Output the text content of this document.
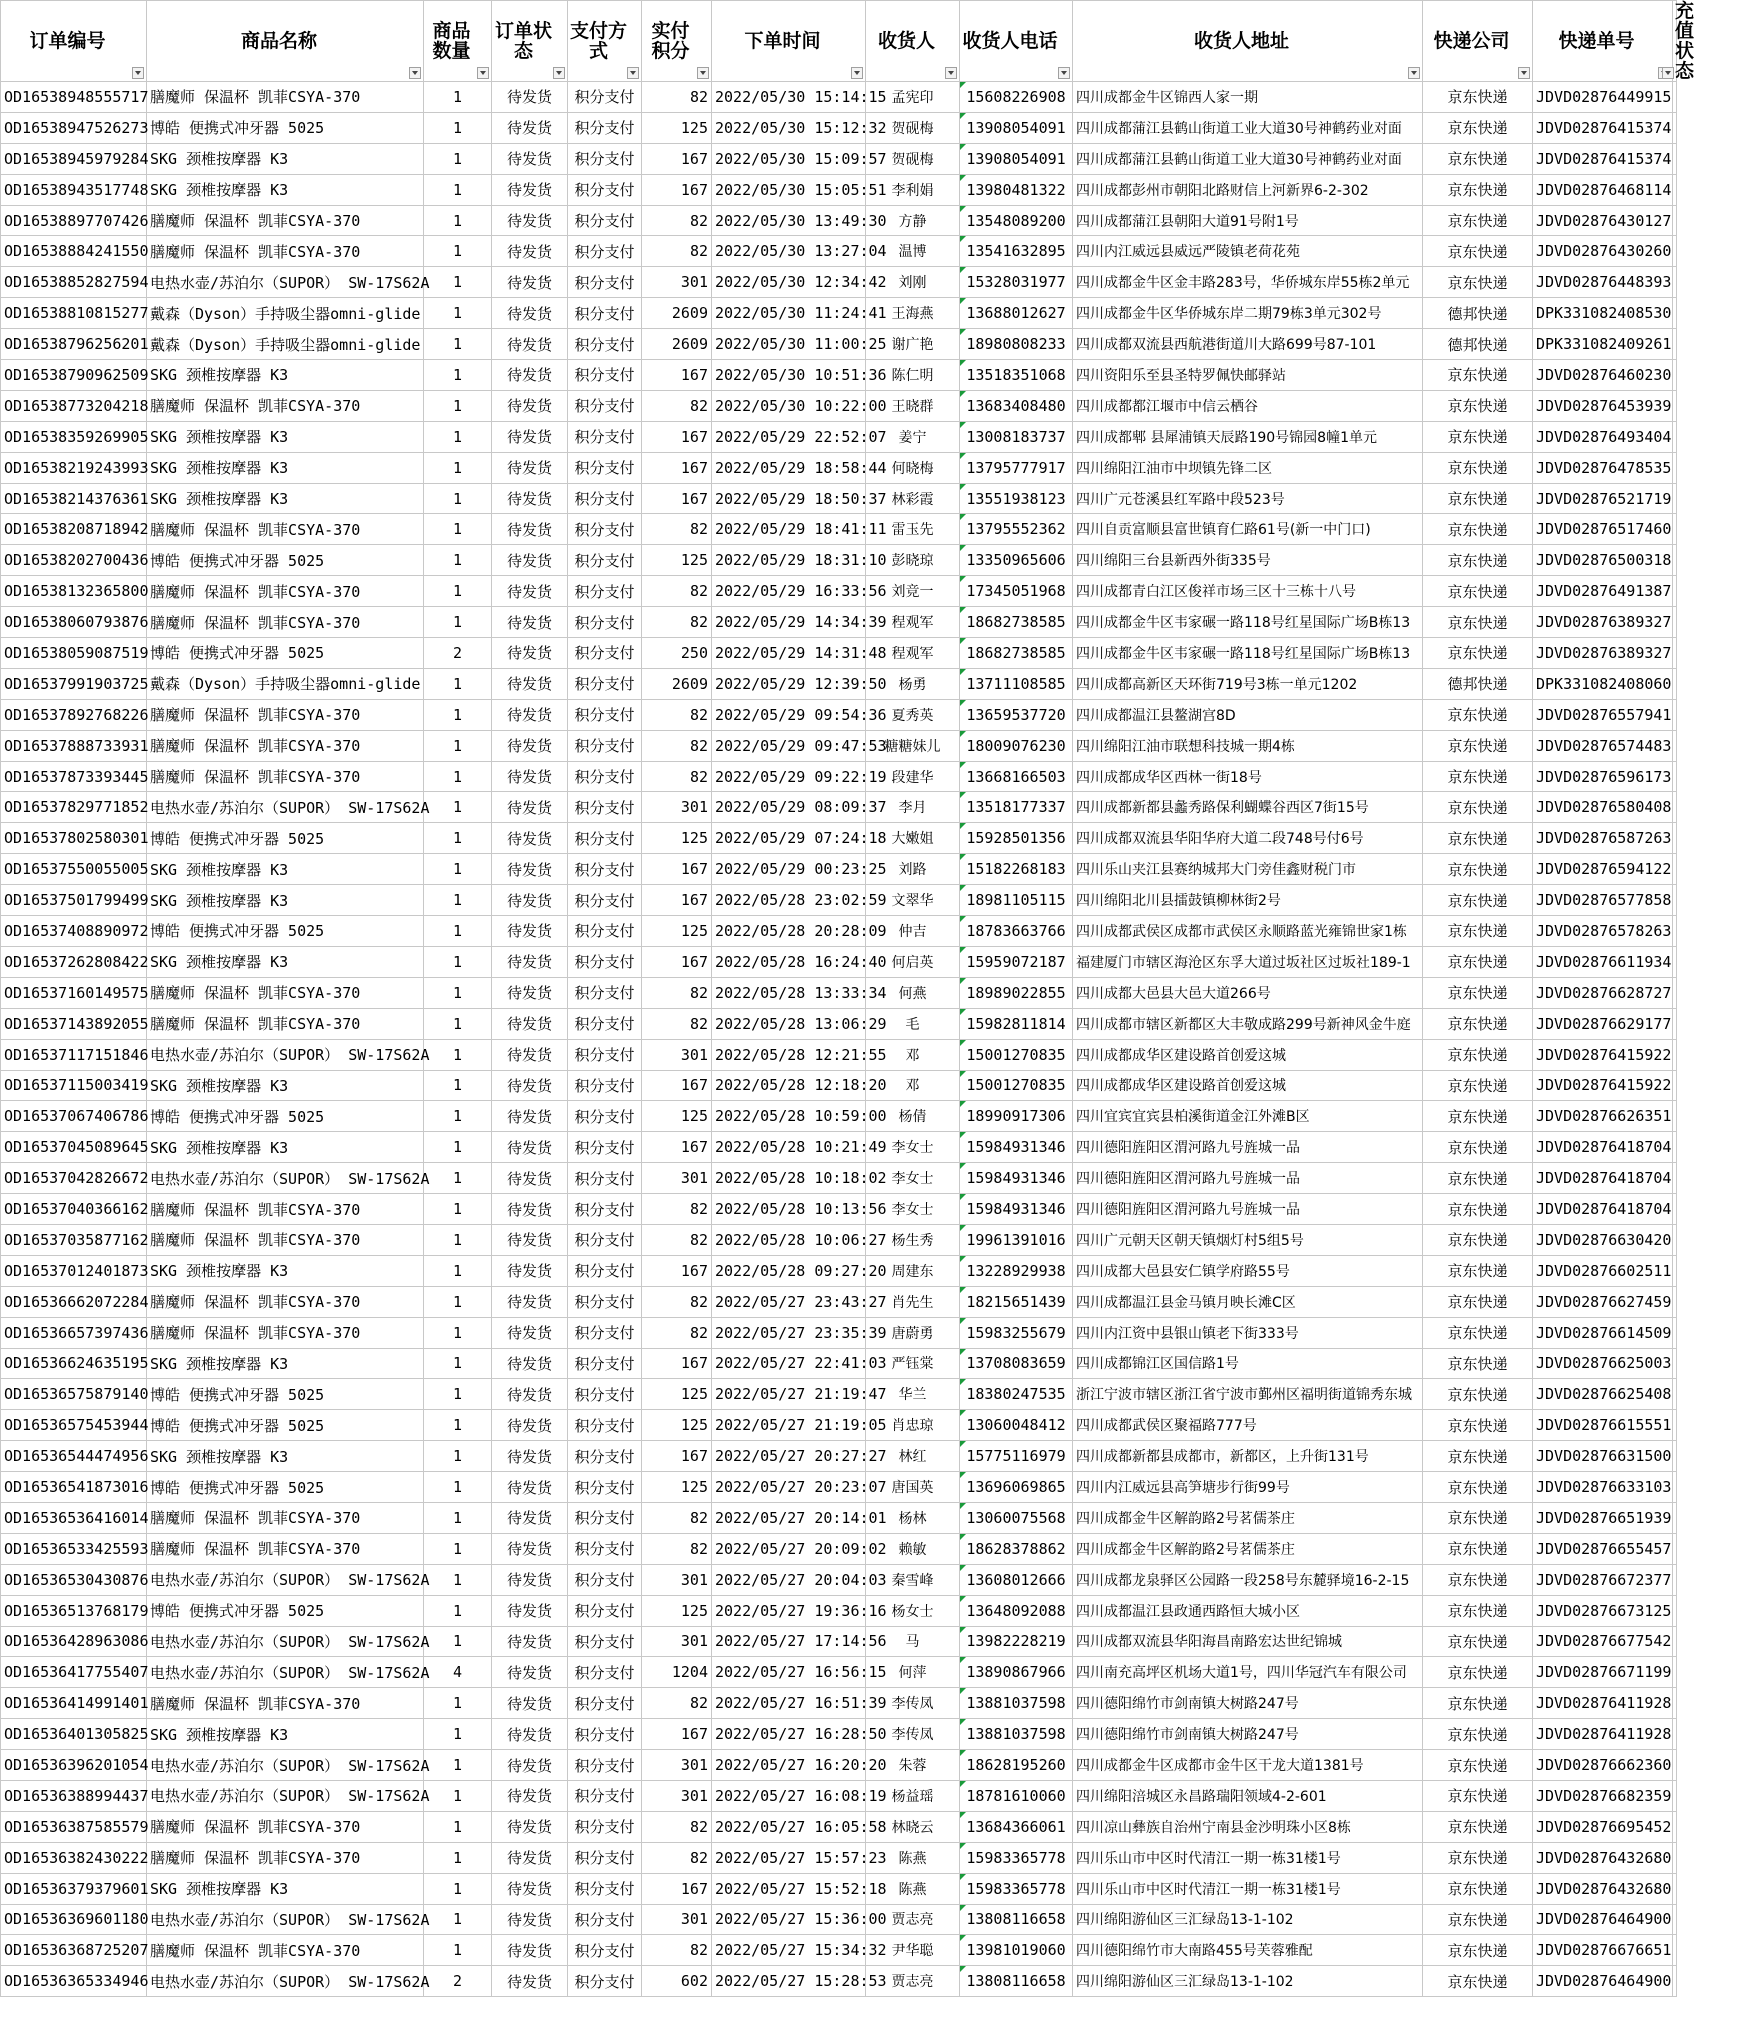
订单编号	商品名称	商品数量	订单状态	支付方式	实付积分	下单时间	收货人	收货人电话	收货人地址	快递公司	快递单号	充值状态

OD16538948555717	膳魔师 保温杯 凯菲CSYA-370	1	待发货	积分支付	82	2022/05/30 15:14:15	孟宪印	15608226908	四川成都金牛区锦西人家一期	京东快递	JDVD02876449915	
OD16538947526273	博皓 便携式冲牙器 5025	1	待发货	积分支付	125	2022/05/30 15:12:32	贺砚梅	13908054091	四川成都蒲江县鹤山街道工业大道30号神鹤药业对面	京东快递	JDVD02876415374	
OD16538945979284	SKG 颈椎按摩器 K3	1	待发货	积分支付	167	2022/05/30 15:09:57	贺砚梅	13908054091	四川成都蒲江县鹤山街道工业大道30号神鹤药业对面	京东快递	JDVD02876415374	
OD16538943517748	SKG 颈椎按摩器 K3	1	待发货	积分支付	167	2022/05/30 15:05:51	李利娟	13980481322	四川成都彭州市朝阳北路财信上河新界6-2-302	京东快递	JDVD02876468114	
OD16538897707426	膳魔师 保温杯 凯菲CSYA-370	1	待发货	积分支付	82	2022/05/30 13:49:30	方静	13548089200	四川成都蒲江县朝阳大道91号附1号	京东快递	JDVD02876430127	
OD16538884241550	膳魔师 保温杯 凯菲CSYA-370	1	待发货	积分支付	82	2022/05/30 13:27:04	温博	13541632895	四川内江威远县威远严陵镇老荷花苑	京东快递	JDVD02876430260	
OD16538852827594	电热水壶/苏泊尔（SUPOR） SW-17S62A	1	待发货	积分支付	301	2022/05/30 12:34:42	刘刚	15328031977	四川成都金牛区金丰路283号，华侨城东岸55栋2单元	京东快递	JDVD02876448393	
OD16538810815277	戴森（Dyson）手持吸尘器omni-glide	1	待发货	积分支付	2609	2022/05/30 11:24:41	王海燕	13688012627	四川成都金牛区华侨城东岸二期79栋3单元302号	德邦快递	DPK331082408530	
OD16538796256201	戴森（Dyson）手持吸尘器omni-glide	1	待发货	积分支付	2609	2022/05/30 11:00:25	谢广艳	18980808233	四川成都双流县西航港街道川大路699号87-101	德邦快递	DPK331082409261	
OD16538790962509	SKG 颈椎按摩器 K3	1	待发货	积分支付	167	2022/05/30 10:51:36	陈仁明	13518351068	四川资阳乐至县圣特罗佩快邮驿站	京东快递	JDVD02876460230	
OD16538773204218	膳魔师 保温杯 凯菲CSYA-370	1	待发货	积分支付	82	2022/05/30 10:22:00	王晓群	13683408480	四川成都都江堰市中信云栖谷	京东快递	JDVD02876453939	
OD16538359269905	SKG 颈椎按摩器 K3	1	待发货	积分支付	167	2022/05/29 22:52:07	姜宁	13008183737	四川成都郫 县犀浦镇天辰路190号锦园8幢1单元	京东快递	JDVD02876493404	
OD16538219243993	SKG 颈椎按摩器 K3	1	待发货	积分支付	167	2022/05/29 18:58:44	何晓梅	13795777917	四川绵阳江油市中坝镇先锋二区	京东快递	JDVD02876478535	
OD16538214376361	SKG 颈椎按摩器 K3	1	待发货	积分支付	167	2022/05/29 18:50:37	林彩霞	13551938123	四川广元苍溪县红军路中段523号	京东快递	JDVD02876521719	
OD16538208718942	膳魔师 保温杯 凯菲CSYA-370	1	待发货	积分支付	82	2022/05/29 18:41:11	雷玉先	13795552362	四川自贡富顺县富世镇育仁路61号(新一中门口)	京东快递	JDVD02876517460	
OD16538202700436	博皓 便携式冲牙器 5025	1	待发货	积分支付	125	2022/05/29 18:31:10	彭晓琼	13350965606	四川绵阳三台县新西外街335号	京东快递	JDVD02876500318	
OD16538132365800	膳魔师 保温杯 凯菲CSYA-370	1	待发货	积分支付	82	2022/05/29 16:33:56	刘竞一	17345051968	四川成都青白江区俊祥市场三区十三栋十八号	京东快递	JDVD02876491387	
OD16538060793876	膳魔师 保温杯 凯菲CSYA-370	1	待发货	积分支付	82	2022/05/29 14:34:39	程观军	18682738585	四川成都金牛区韦家碾一路118号红星国际广场B栋13	京东快递	JDVD02876389327	
OD16538059087519	博皓 便携式冲牙器 5025	2	待发货	积分支付	250	2022/05/29 14:31:48	程观军	18682738585	四川成都金牛区韦家碾一路118号红星国际广场B栋13	京东快递	JDVD02876389327	
OD16537991903725	戴森（Dyson）手持吸尘器omni-glide	1	待发货	积分支付	2609	2022/05/29 12:39:50	杨勇	13711108585	四川成都高新区天环街719号3栋一单元1202	德邦快递	DPK331082408060	
OD16537892768226	膳魔师 保温杯 凯菲CSYA-370	1	待发货	积分支付	82	2022/05/29 09:54:36	夏秀英	13659537720	四川成都温江县鳌湖宫8D	京东快递	JDVD02876557941	
OD16537888733931	膳魔师 保温杯 凯菲CSYA-370	1	待发货	积分支付	82	2022/05/29 09:47:53	糖糖妹儿	18009076230	四川绵阳江油市联想科技城一期4栋	京东快递	JDVD02876574483	
OD16537873393445	膳魔师 保温杯 凯菲CSYA-370	1	待发货	积分支付	82	2022/05/29 09:22:19	段建华	13668166503	四川成都成华区西林一街18号	京东快递	JDVD02876596173	
OD16537829771852	电热水壶/苏泊尔（SUPOR） SW-17S62A	1	待发货	积分支付	301	2022/05/29 08:09:37	李月	13518177337	四川成都新都县蠡秀路保利蝴蝶谷西区7街15号	京东快递	JDVD02876580408	
OD16537802580301	博皓 便携式冲牙器 5025	1	待发货	积分支付	125	2022/05/29 07:24:18	大嫩姐	15928501356	四川成都双流县华阳华府大道二段748号付6号	京东快递	JDVD02876587263	
OD16537550055005	SKG 颈椎按摩器 K3	1	待发货	积分支付	167	2022/05/29 00:23:25	刘路	15182268183	四川乐山夹江县赛纳城邦大门旁佳鑫财税门市	京东快递	JDVD02876594122	
OD16537501799499	SKG 颈椎按摩器 K3	1	待发货	积分支付	167	2022/05/28 23:02:59	文翠华	18981105115	四川绵阳北川县擂鼓镇柳林街2号	京东快递	JDVD02876577858	
OD16537408890972	博皓 便携式冲牙器 5025	1	待发货	积分支付	125	2022/05/28 20:28:09	仲吉	18783663766	四川成都武侯区成都市武侯区永顺路蓝光雍锦世家1栋	京东快递	JDVD02876578263	
OD16537262808422	SKG 颈椎按摩器 K3	1	待发货	积分支付	167	2022/05/28 16:24:40	何启英	15959072187	福建厦门市辖区海沧区东孚大道过坂社区过坂社189-1	京东快递	JDVD02876611934	
OD16537160149575	膳魔师 保温杯 凯菲CSYA-370	1	待发货	积分支付	82	2022/05/28 13:33:34	何燕	18989022855	四川成都大邑县大邑大道266号	京东快递	JDVD02876628727	
OD16537143892055	膳魔师 保温杯 凯菲CSYA-370	1	待发货	积分支付	82	2022/05/28 13:06:29	毛	15982811814	四川成都市辖区新都区大丰敬成路299号新神风金牛庭	京东快递	JDVD02876629177	
OD16537117151846	电热水壶/苏泊尔（SUPOR） SW-17S62A	1	待发货	积分支付	301	2022/05/28 12:21:55	邓	15001270835	四川成都成华区建设路首创爱这城	京东快递	JDVD02876415922	
OD16537115003419	SKG 颈椎按摩器 K3	1	待发货	积分支付	167	2022/05/28 12:18:20	邓	15001270835	四川成都成华区建设路首创爱这城	京东快递	JDVD02876415922	
OD16537067406786	博皓 便携式冲牙器 5025	1	待发货	积分支付	125	2022/05/28 10:59:00	杨倩	18990917306	四川宜宾宜宾县柏溪街道金江外滩B区	京东快递	JDVD02876626351	
OD16537045089645	SKG 颈椎按摩器 K3	1	待发货	积分支付	167	2022/05/28 10:21:49	李女士	15984931346	四川德阳旌阳区渭河路九号旌城一品	京东快递	JDVD02876418704	
OD16537042826672	电热水壶/苏泊尔（SUPOR） SW-17S62A	1	待发货	积分支付	301	2022/05/28 10:18:02	李女士	15984931346	四川德阳旌阳区渭河路九号旌城一品	京东快递	JDVD02876418704	
OD16537040366162	膳魔师 保温杯 凯菲CSYA-370	1	待发货	积分支付	82	2022/05/28 10:13:56	李女士	15984931346	四川德阳旌阳区渭河路九号旌城一品	京东快递	JDVD02876418704	
OD16537035877162	膳魔师 保温杯 凯菲CSYA-370	1	待发货	积分支付	82	2022/05/28 10:06:27	杨生秀	19961391016	四川广元朝天区朝天镇烟灯村5组5号	京东快递	JDVD02876630420	
OD16537012401873	SKG 颈椎按摩器 K3	1	待发货	积分支付	167	2022/05/28 09:27:20	周建东	13228929938	四川成都大邑县安仁镇学府路55号	京东快递	JDVD02876602511	
OD16536662072284	膳魔师 保温杯 凯菲CSYA-370	1	待发货	积分支付	82	2022/05/27 23:43:27	肖先生	18215651439	四川成都温江县金马镇月映长滩C区	京东快递	JDVD02876627459	
OD16536657397436	膳魔师 保温杯 凯菲CSYA-370	1	待发货	积分支付	82	2022/05/27 23:35:39	唐蔚勇	15983255679	四川内江资中县银山镇老下街333号	京东快递	JDVD02876614509	
OD16536624635195	SKG 颈椎按摩器 K3	1	待发货	积分支付	167	2022/05/27 22:41:03	严钰棠	13708083659	四川成都锦江区国信路1号	京东快递	JDVD02876625003	
OD16536575879140	博皓 便携式冲牙器 5025	1	待发货	积分支付	125	2022/05/27 21:19:47	华兰	18380247535	浙江宁波市辖区浙江省宁波市鄞州区福明街道锦秀东城	京东快递	JDVD02876625408	
OD16536575453944	博皓 便携式冲牙器 5025	1	待发货	积分支付	125	2022/05/27 21:19:05	肖忠琼	13060048412	四川成都武侯区聚福路777号	京东快递	JDVD02876615551	
OD16536544474956	SKG 颈椎按摩器 K3	1	待发货	积分支付	167	2022/05/27 20:27:27	林红	15775116979	四川成都新都县成都市，新都区，上升街131号	京东快递	JDVD02876631500	
OD16536541873016	博皓 便携式冲牙器 5025	1	待发货	积分支付	125	2022/05/27 20:23:07	唐国英	13696069865	四川内江威远县高笋塘步行街99号	京东快递	JDVD02876633103	
OD16536536416014	膳魔师 保温杯 凯菲CSYA-370	1	待发货	积分支付	82	2022/05/27 20:14:01	杨林	13060075568	四川成都金牛区解韵路2号茗儒茶庄	京东快递	JDVD02876651939	
OD16536533425593	膳魔师 保温杯 凯菲CSYA-370	1	待发货	积分支付	82	2022/05/27 20:09:02	赖敏	18628378862	四川成都金牛区解韵路2号茗儒茶庄	京东快递	JDVD02876655457	
OD16536530430876	电热水壶/苏泊尔（SUPOR） SW-17S62A	1	待发货	积分支付	301	2022/05/27 20:04:03	秦雪峰	13608012666	四川成都龙泉驿区公园路一段258号东麓驿境16-2-15	京东快递	JDVD02876672377	
OD16536513768179	博皓 便携式冲牙器 5025	1	待发货	积分支付	125	2022/05/27 19:36:16	杨女士	13648092088	四川成都温江县政通西路恒大城小区	京东快递	JDVD02876673125	
OD16536428963086	电热水壶/苏泊尔（SUPOR） SW-17S62A	1	待发货	积分支付	301	2022/05/27 17:14:56	马	13982228219	四川成都双流县华阳海昌南路宏达世纪锦城	京东快递	JDVD02876677542	
OD16536417755407	电热水壶/苏泊尔（SUPOR） SW-17S62A	4	待发货	积分支付	1204	2022/05/27 16:56:15	何萍	13890867966	四川南充高坪区机场大道1号，四川华冠汽车有限公司	京东快递	JDVD02876671199	
OD16536414991401	膳魔师 保温杯 凯菲CSYA-370	1	待发货	积分支付	82	2022/05/27 16:51:39	李传凤	13881037598	四川德阳绵竹市剑南镇大树路247号	京东快递	JDVD02876411928	
OD16536401305825	SKG 颈椎按摩器 K3	1	待发货	积分支付	167	2022/05/27 16:28:50	李传凤	13881037598	四川德阳绵竹市剑南镇大树路247号	京东快递	JDVD02876411928	
OD16536396201054	电热水壶/苏泊尔（SUPOR） SW-17S62A	1	待发货	积分支付	301	2022/05/27 16:20:20	朱蓉	18628195260	四川成都金牛区成都市金牛区干龙大道1381号	京东快递	JDVD02876662360	
OD16536388994437	电热水壶/苏泊尔（SUPOR） SW-17S62A	1	待发货	积分支付	301	2022/05/27 16:08:19	杨益瑶	18781610060	四川绵阳涪城区永昌路瑞阳领域4-2-601	京东快递	JDVD02876682359	
OD16536387585579	膳魔师 保温杯 凯菲CSYA-370	1	待发货	积分支付	82	2022/05/27 16:05:58	林晓云	13684366061	四川凉山彝族自治州宁南县金沙明珠小区8栋	京东快递	JDVD02876695452	
OD16536382430222	膳魔师 保温杯 凯菲CSYA-370	1	待发货	积分支付	82	2022/05/27 15:57:23	陈燕	15983365778	四川乐山市中区时代清江一期一栋31楼1号	京东快递	JDVD02876432680	
OD16536379379601	SKG 颈椎按摩器 K3	1	待发货	积分支付	167	2022/05/27 15:52:18	陈燕	15983365778	四川乐山市中区时代清江一期一栋31楼1号	京东快递	JDVD02876432680	
OD16536369601180	电热水壶/苏泊尔（SUPOR） SW-17S62A	1	待发货	积分支付	301	2022/05/27 15:36:00	贾志亮	13808116658	四川绵阳游仙区三汇绿岛13-1-102	京东快递	JDVD02876464900	
OD16536368725207	膳魔师 保温杯 凯菲CSYA-370	1	待发货	积分支付	82	2022/05/27 15:34:32	尹华聪	13981019060	四川德阳绵竹市大南路455号芙蓉雅配	京东快递	JDVD02876676651	
OD16536365334946	电热水壶/苏泊尔（SUPOR） SW-17S62A	2	待发货	积分支付	602	2022/05/27 15:28:53	贾志亮	13808116658	四川绵阳游仙区三汇绿岛13-1-102	京东快递	JDVD02876464900	
